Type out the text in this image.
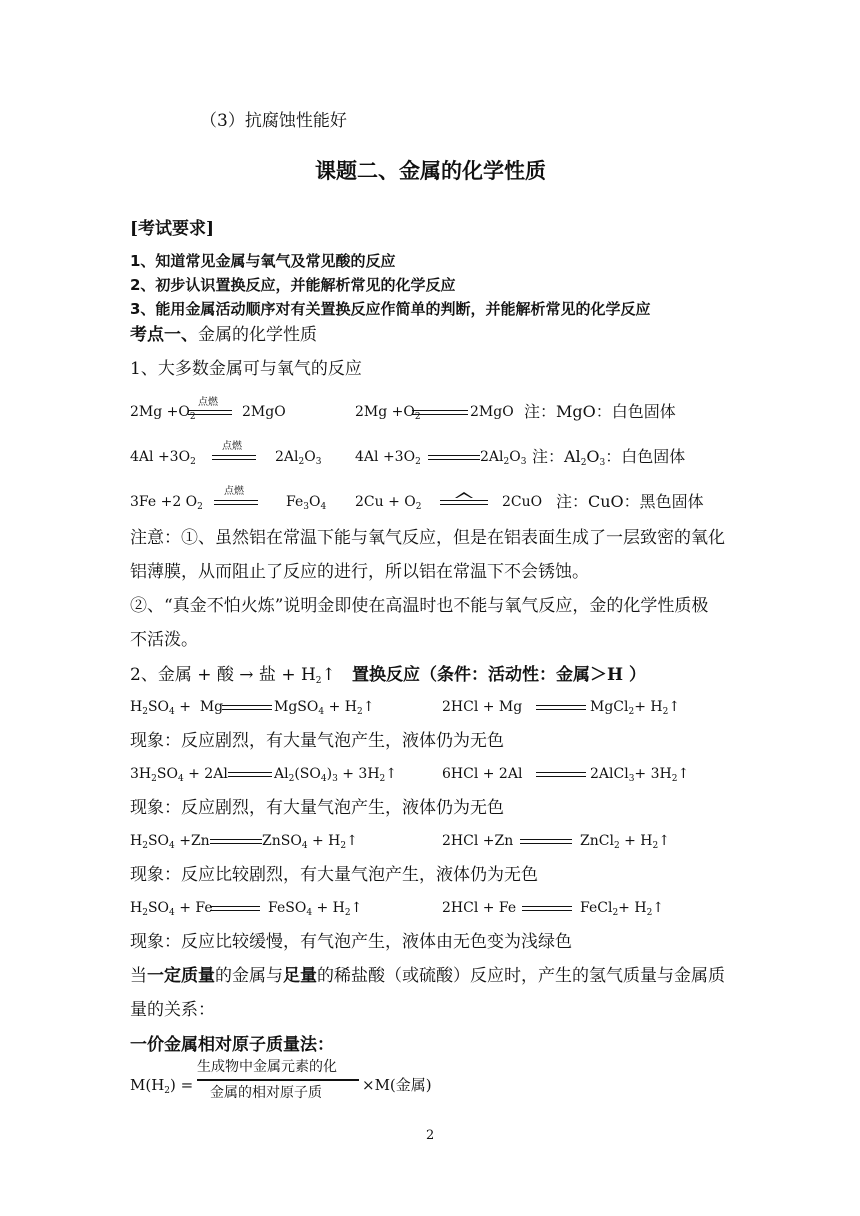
（3）抗腐蚀性能好
课题二、金属的化学性质
[考试要求]
1、知道常见金属与氧气及常见酸的反应
2、初步认识置换反应，并能解析常见的化学反应
3、能用金属活动顺序对有关置换反应作简单的判断，并能解析常见的化学反应
考点一、金属的化学性质
1、大多数金属可与氧气的反应
$2Mg +O_2$
点燃
2MgO	$2Mg +O_2$	2MgO 注：MgO：白色固体
$4Al +3O_2$
点燃
$2Al_2O_3$ $4Al +3O_2$	$2Al_2O_3$ 注：$Al_2O_3$：白色固体
3Fe +2 $O_2$
点燃
$Fe_3O_4$ $2Cu + O_2$	2CuO 注：CuO：黑色固体
注意：①、虽然铝在常温下能与氧气反应，但是在铝表面生成了一层致密的氧化
铝薄膜，从而阻止了反应的进行，所以铝在常温下不会锈蚀。
②、“真金不怕火炼”说明金即使在高温时也不能与氧气反应，金的化学性质极
不活泼。
2、金属 + 酸 → 盐 + $H_2↑$ 置换反应（条件：活动性：金属＞H ）
$H_2SO_4 + Mg$	MgSO$_4$ + $H_2↑$	2HCl + Mg	MgCl$_2$+ $H_2↑$
现象：反应剧烈，有大量气泡产生，液体仍为无色
$3H_2SO_4 + 2Al$	$Al_2(SO_4)_3$ + $3H_2↑$	6HCl + 2Al	2AlCl$_3$+ $3H_2↑$
现象：反应剧烈，有大量气泡产生，液体仍为无色
$H_2SO_4 +Zn$	ZnSO$_4$ + $H_2↑$	2HCl +Zn	ZnCl$_2$ + $H_2↑$
现象：反应比较剧烈，有大量气泡产生，液体仍为无色
$H_2SO_4 + Fe$	FeSO$_4$ + $H_2↑$	2HCl + Fe	FeCl$_2$+ $H_2↑$
现象：反应比较缓慢，有气泡产生，液体由无色变为浅绿色
当一定质量的金属与足量的稀盐酸（或硫酸）反应时，产生的氢气质量与金属质
量的关系：
一价金属相对原子质量法：
$M(H_2)$ =
生成物中金属元素的化
金属的相对原子质	×M(金属)
2
